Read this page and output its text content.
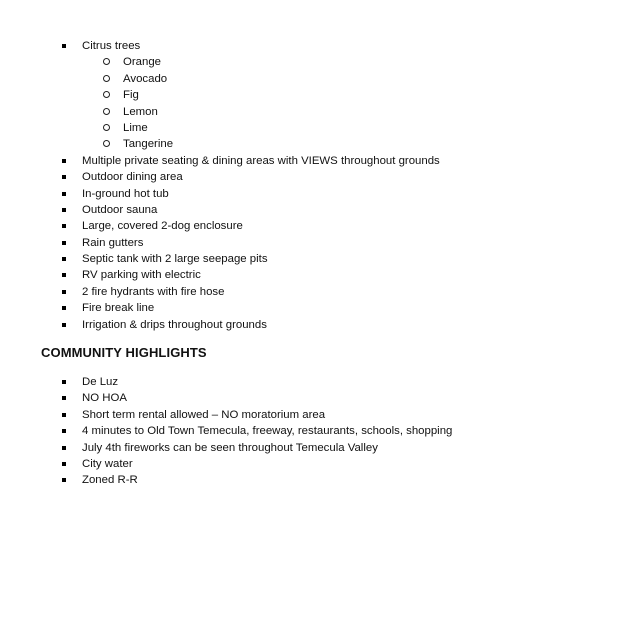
Citrus trees
Orange
Avocado
Fig
Lemon
Lime
Tangerine
Multiple private seating & dining areas with VIEWS throughout grounds
Outdoor dining area
In-ground hot tub
Outdoor sauna
Large, covered 2-dog enclosure
Rain gutters
Septic tank with 2 large seepage pits
RV parking with electric
2 fire hydrants with fire hose
Fire break line
Irrigation & drips throughout grounds
COMMUNITY HIGHLIGHTS
De Luz
NO HOA
Short term rental allowed – NO moratorium area
4 minutes to Old Town Temecula, freeway, restaurants, schools, shopping
July 4th fireworks can be seen throughout Temecula Valley
City water
Zoned R-R
